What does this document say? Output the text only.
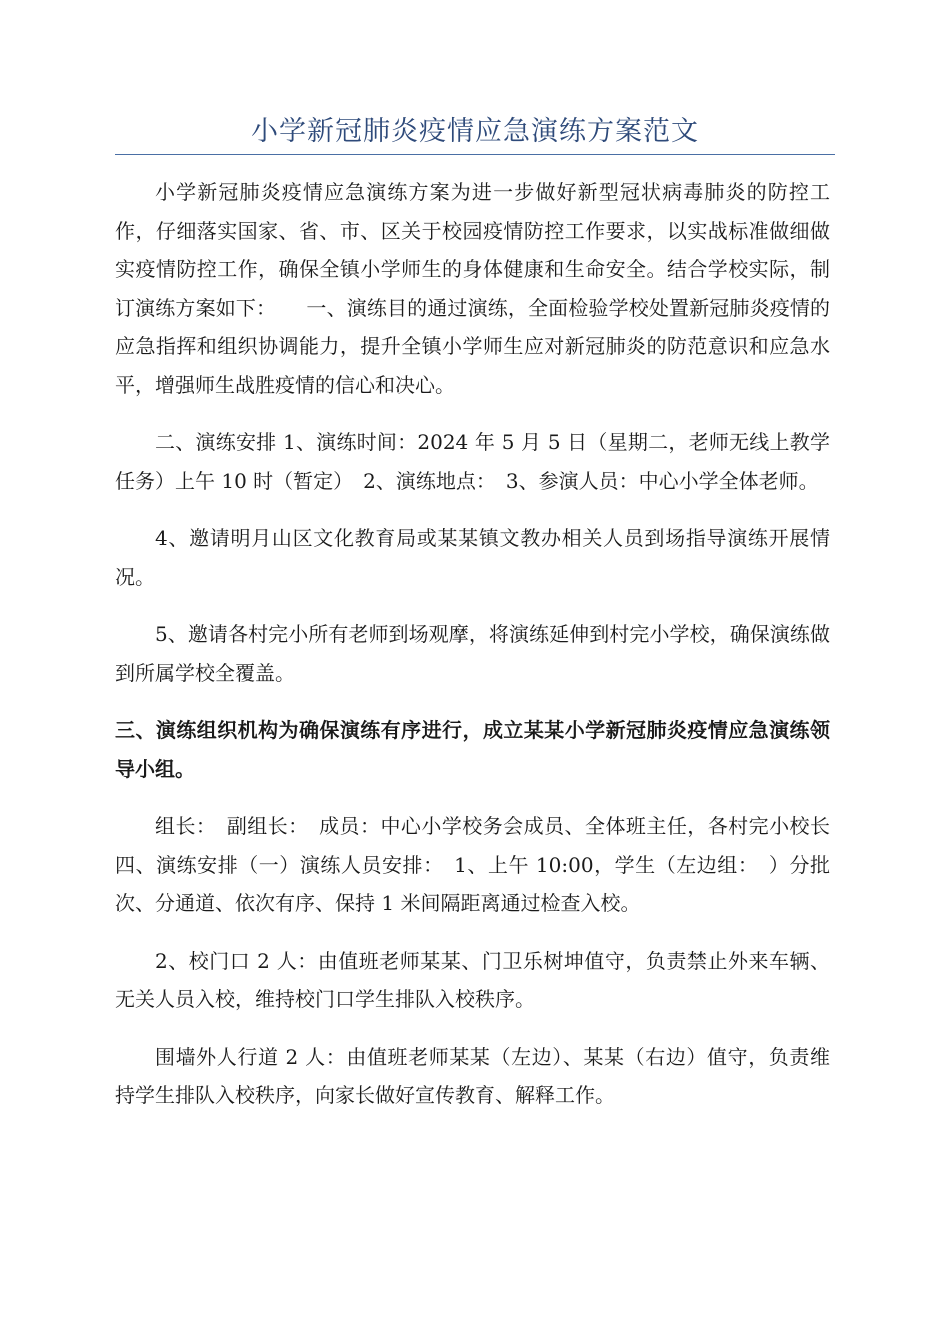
小学新冠肺炎疫情应急演练方案范文

小学新冠肺炎疫情应急演练方案为进一步做好新型冠状病毒肺炎的防控工作，仔细落实国家、省、市、区关于校园疫情防控工作要求，以实战标准做细做实疫情防控工作，确保全镇小学师生的身体健康和生命安全。结合学校实际，制订演练方案如下：　　一、演练目的通过演练，全面检验学校处置新冠肺炎疫情的应急指挥和组织协调能力，提升全镇小学师生应对新冠肺炎的防范意识和应急水平，增强师生战胜疫情的信心和决心。

二、演练安排 1、演练时间：2024 年 5 月 5 日（星期二，老师无线上教学任务）上午 10 时（暂定）　2、演练地点：　3、参演人员：中心小学全体老师。

4、邀请明月山区文化教育局或某某镇文教办相关人员到场指导演练开展情况。

5、邀请各村完小所有老师到场观摩，将演练延伸到村完小学校，确保演练做到所属学校全覆盖。

三、演练组织机构为确保演练有序进行，成立某某小学新冠肺炎疫情应急演练领导小组。

组长：　副组长：　成员：中心小学校务会成员、全体班主任，各村完小校长四、演练安排（一）演练人员安排：　1、上午 10:00，学生（左边组：　）分批次、分通道、依次有序、保持 1 米间隔距离通过检查入校。

2、校门口 2 人：由值班老师某某、门卫乐树坤值守，负责禁止外来车辆、无关人员入校，维持校门口学生排队入校秩序。

围墙外人行道 2 人：由值班老师某某（左边）、某某（右边）值守，负责维持学生排队入校秩序，向家长做好宣传教育、解释工作。
